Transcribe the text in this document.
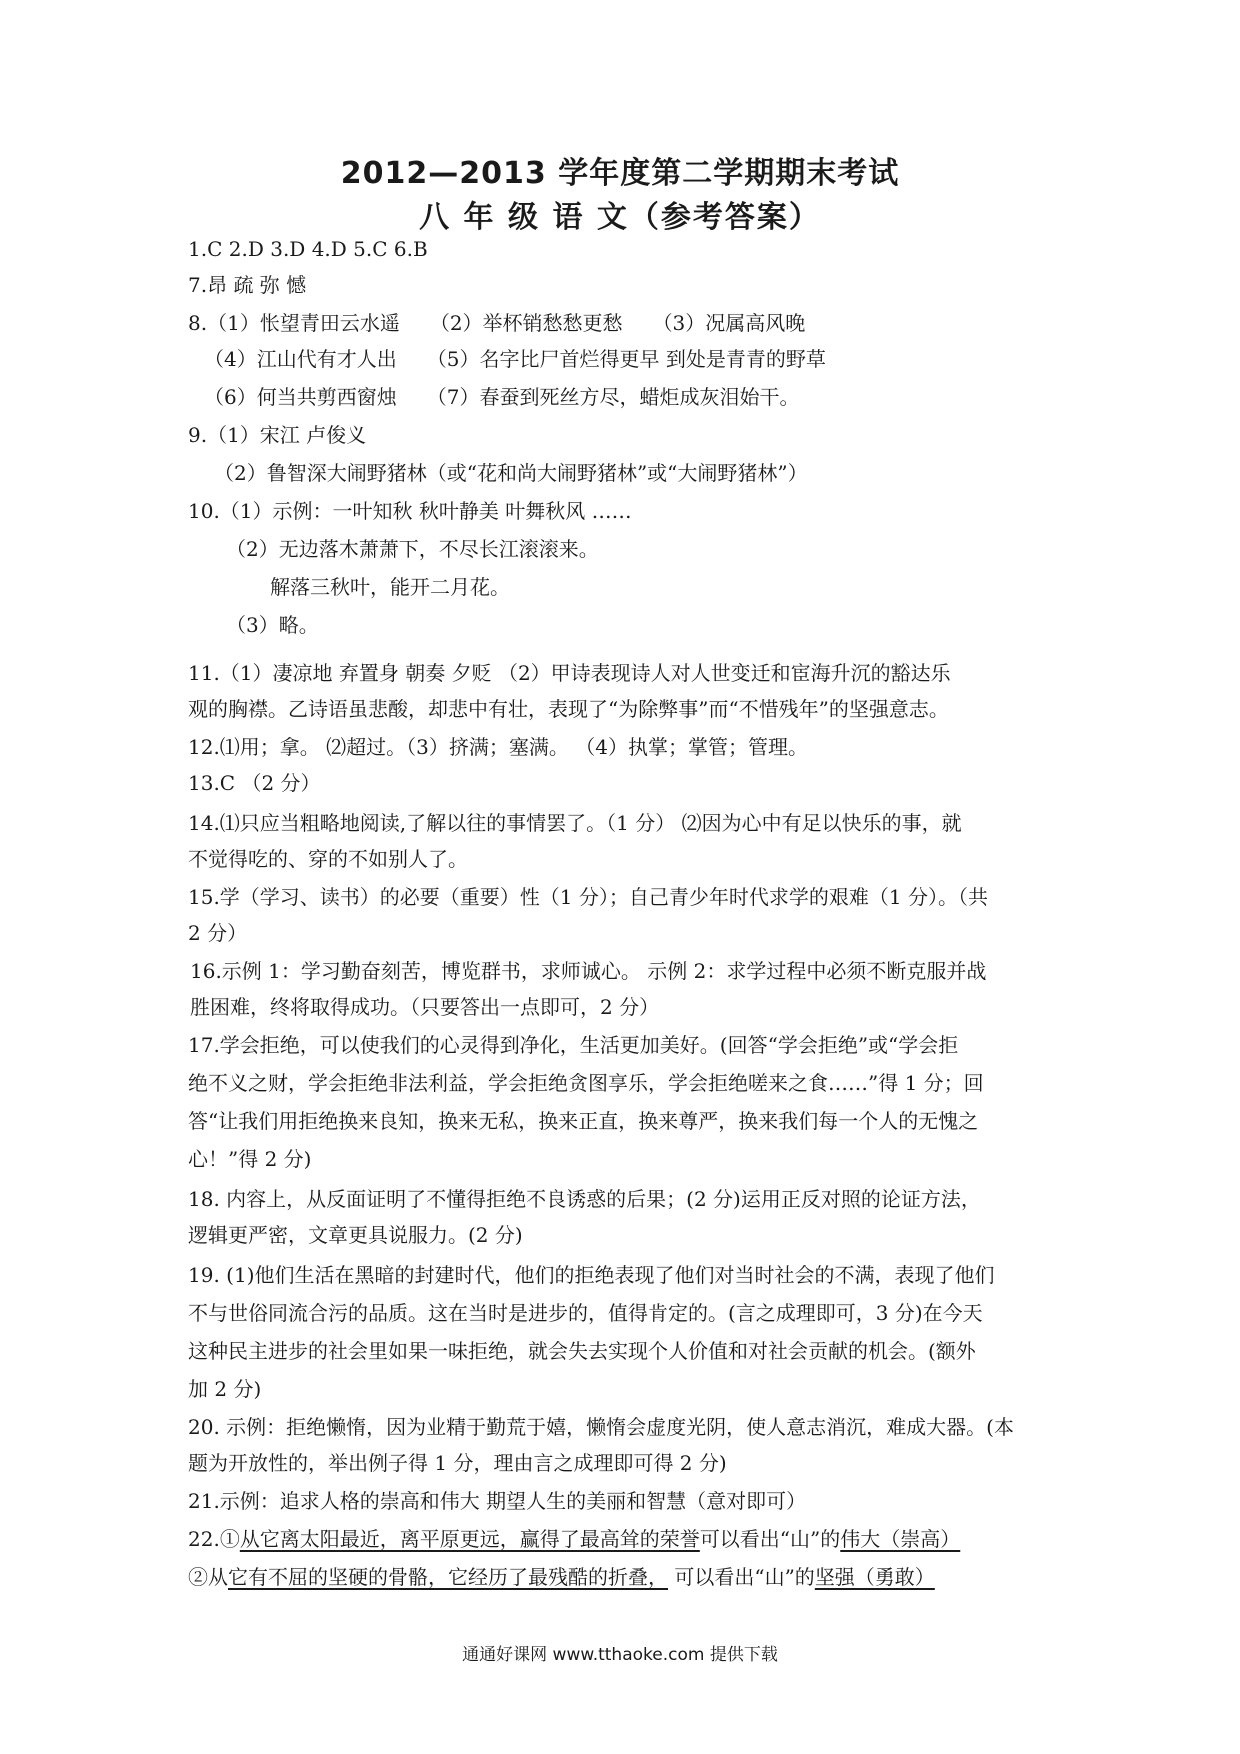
2012—2013 学年度第二学期期末考试
八 年 级 语 文（参考答案）
1.C 2.D 3.D 4.D 5.C 6.B
7.昂 疏 弥 憾
8.（1）怅望青田云水遥 （2）举杯销愁愁更愁 （3）况属高风晚
（4）江山代有才人出 （5）名字比尸首烂得更早 到处是青青的野草
（6）何当共剪西窗烛 （7）春蚕到死丝方尽，蜡炬成灰泪始干。
9.（1）宋江 卢俊义
（2）鲁智深大闹野猪林（或“花和尚大闹野猪林”或“大闹野猪林”）
10.（1）示例：一叶知秋 秋叶静美 叶舞秋风 ……
（2）无边落木萧萧下，不尽长江滚滚来。
解落三秋叶，能开二月花。
（3）略。
11.（1）凄凉地 弃置身 朝奏 夕贬 （2）甲诗表现诗人对人世变迁和宦海升沉的豁达乐
观的胸襟。乙诗语虽悲酸，却悲中有壮，表现了“为除弊事”而“不惜残年”的坚强意志。
12.⑴用；拿。 ⑵超过。（3）挤满；塞满。 （4）执掌；掌管；管理。
13.C （2 分）
14.⑴只应当粗略地阅读,了解以往的事情罢了。（1 分） ⑵因为心中有足以快乐的事，就
不觉得吃的、穿的不如别人了。
15.学（学习、读书）的必要（重要）性（1 分）；自己青少年时代求学的艰难（1 分）。（共
2 分）
16.示例 1：学习勤奋刻苦，博览群书，求师诚心。 示例 2：求学过程中必须不断克服并战
胜困难，终将取得成功。（只要答出一点即可，2 分）
17.学会拒绝，可以使我们的心灵得到净化，生活更加美好。(回答“学会拒绝”或“学会拒
绝不义之财，学会拒绝非法利益，学会拒绝贪图享乐，学会拒绝嗟来之食……”得 1 分；回
答“让我们用拒绝换来良知，换来无私，换来正直，换来尊严，换来我们每一个人的无愧之
心！”得 2 分)
18. 内容上，从反面证明了不懂得拒绝不良诱惑的后果；(2 分)运用正反对照的论证方法，
逻辑更严密，文章更具说服力。(2 分)
19. (1)他们生活在黑暗的封建时代，他们的拒绝表现了他们对当时社会的不满，表现了他们
不与世俗同流合污的品质。这在当时是进步的，值得肯定的。(言之成理即可，3 分)在今天
这种民主进步的社会里如果一味拒绝，就会失去实现个人价值和对社会贡献的机会。(额外
加 2 分)
20. 示例：拒绝懒惰，因为业精于勤荒于嬉，懒惰会虚度光阴，使人意志消沉，难成大器。(本
题为开放性的，举出例子得 1 分，理由言之成理即可得 2 分)
21.示例：追求人格的崇高和伟大 期望人生的美丽和智慧（意对即可）
22.①从它离太阳最近，离平原更远，赢得了最高耸的荣誉可以看出“山”的伟大（崇高）
②从它有不屈的坚硬的骨骼，它经历了最残酷的折叠， 可以看出“山”的坚强（勇敢）
通通好课网 www.tthaoke.com 提供下载
